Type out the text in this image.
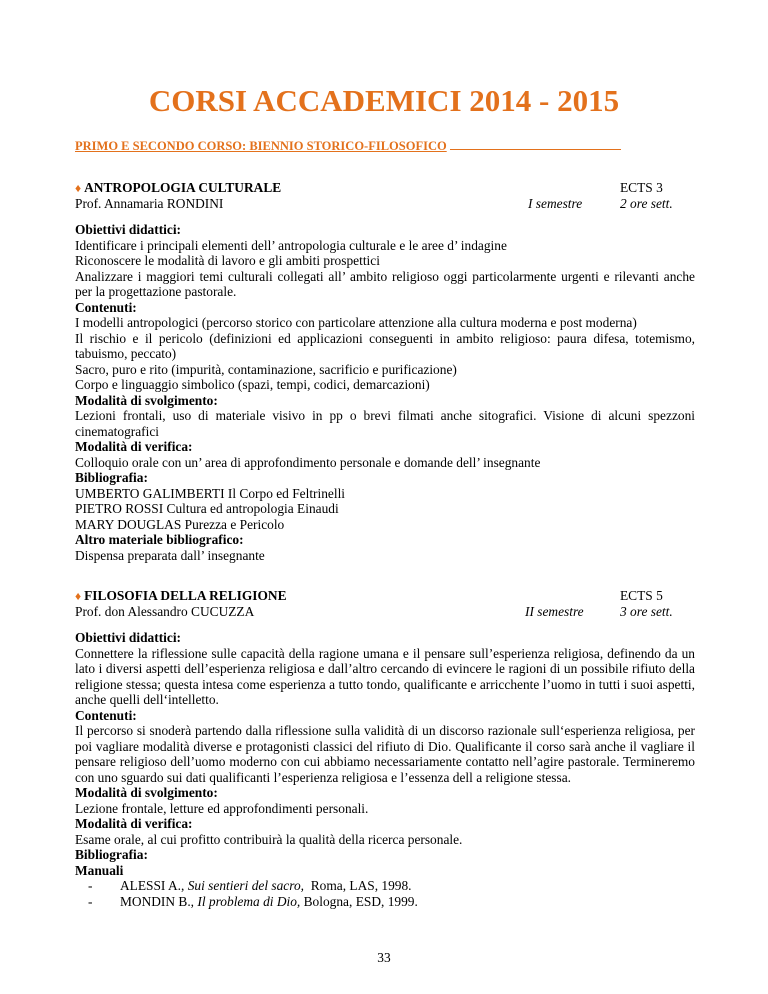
CORSI ACCADEMICI 2014 - 2015
PRIMO E SECONDO CORSO: BIENNIO STORICO-FILOSOFICO
♦ ANTROPOLOGIA CULTURALE
Prof. Annamaria RONDINI	I semestre
ECTS 3
2 ore sett.

Obiettivi didattici:

Identificare i principali elementi dell’ antropologia culturale e le aree d’ indagine

Riconoscere le modalità di lavoro e gli ambiti prospettici

Analizzare i maggiori temi culturali collegati all’ ambito religioso oggi particolarmente urgenti e rilevanti anche per la progettazione pastorale.

Contenuti:

I modelli antropologici (percorso storico con particolare attenzione alla cultura moderna e post moderna)

Il rischio e il pericolo (definizioni ed applicazioni conseguenti in ambito religioso: paura difesa, totemismo, tabuismo, peccato)

Sacro, puro e rito (impurità, contaminazione, sacrificio e purificazione)

Corpo e linguaggio simbolico (spazi, tempi, codici, demarcazioni)

Modalità di svolgimento:

Lezioni frontali, uso di materiale visivo in pp o brevi filmati anche sitografici. Visione di alcuni spezzoni cinematografici

Modalità di verifica:

Colloquio orale con un’ area di approfondimento personale e domande dell’ insegnante

Bibliografia:

UMBERTO GALIMBERTI Il Corpo ed Feltrinelli

PIETRO ROSSI Cultura ed antropologia Einaudi

MARY DOUGLAS Purezza e Pericolo

Altro materiale bibliografico:

Dispensa preparata dall’ insegnante

♦ FILOSOFIA DELLA RELIGIONE
Prof. don Alessandro CUCUZZA	II semestre
ECTS 5
3 ore sett.

Obiettivi didattici:

Connettere la riflessione sulle capacità della ragione umana e il pensare sull’esperienza religiosa, definendo da un lato i diversi aspetti dell’esperienza religiosa e dall’altro cercando di evincere le ragioni di un possibile rifiuto della religione stessa; questa intesa come esperienza a tutto tondo, qualificante e arricchente l’uomo in tutti i suoi aspetti, anche quelli dell‘intelletto.

Contenuti:

Il percorso si snoderà partendo dalla riflessione sulla validità di un discorso razionale sull‘esperienza religiosa, per poi vagliare modalità diverse e protagonisti classici del rifiuto di Dio. Qualificante il corso sarà anche il vagliare il pensare religioso dell’uomo moderno con cui abbiamo necessariamente contatto nell’agire pastorale. Termineremo con uno sguardo sui dati qualificanti l’esperienza religiosa e l’essenza dell a religione stessa.

Modalità di svolgimento:

Lezione frontale, letture ed approfondimenti personali.

Modalità di verifica:

Esame orale, al cui profitto contribuirà la qualità della ricerca personale.

Bibliografia:

Manuali

- ALESSI A., Sui sentieri del sacro,  Roma, LAS, 1998.
- MONDIN B., Il problema di Dio, Bologna, ESD, 1999.
33
